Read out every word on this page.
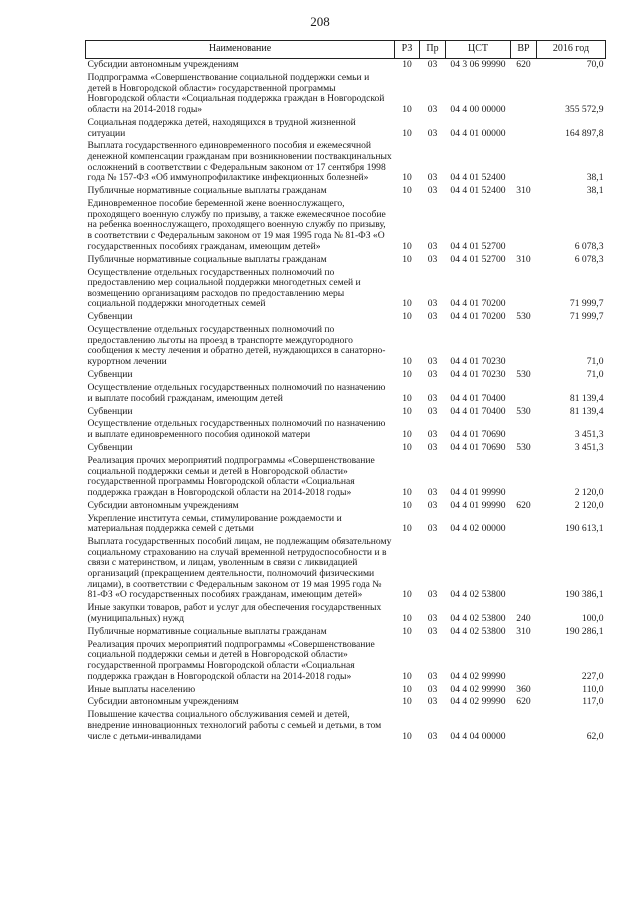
208
Наименование	РЗ	Пр	ЦСТ	ВР	2016 год
Субсидии автономным учреждениям	10	03	04 3 06 99990	620	70,0
Подпрограмма «Совершенствование социальной поддержки семьи и детей в Новгородской области» государственной программы Новгородской области «Социальная поддержка граждан в Новгородской области на 2014-2018 годы»	10	03	04 4 00 00000		355 572,9
Социальная поддержка детей, находящихся в трудной жизненной ситуации	10	03	04 4 01 00000		164 897,8
Выплата государственного единовременного пособия и ежемесячной денежной компенсации гражданам при возникновении поствакцинальных осложнений в соответствии с Федеральным законом от 17 сентября 1998 года № 157-ФЗ «Об иммунопрофилактике инфекционных болезней»	10	03	04 4 01 52400		38,1
Публичные нормативные социальные выплаты гражданам	10	03	04 4 01 52400	310	38,1
Единовременное пособие беременной жене военнослужащего, проходящего военную службу по призыву, а также ежемесячное пособие на ребенка военнослужащего, проходящего военную службу по призыву, в соответствии с Федеральным законом от 19 мая 1995 года № 81-ФЗ «О государственных пособиях гражданам, имеющим детей»	10	03	04 4 01 52700		6 078,3
Публичные нормативные социальные выплаты гражданам	10	03	04 4 01 52700	310	6 078,3
Осуществление отдельных государственных полномочий по предоставлению мер социальной поддержки многодетных семей и возмещению организациям расходов по предоставлению меры социальной поддержки многодетных семей	10	03	04 4 01 70200		71 999,7
Субвенции	10	03	04 4 01 70200	530	71 999,7
Осуществление отдельных государственных полномочий по предоставлению льготы на проезд в транспорте междугородного сообщения к месту лечения и обратно детей, нуждающихся в санаторно-курортном лечении	10	03	04 4 01 70230		71,0
Субвенции	10	03	04 4 01 70230	530	71,0
Осуществление отдельных государственных полномочий по назначению и выплате пособий гражданам, имеющим детей	10	03	04 4 01 70400		81 139,4
Субвенции	10	03	04 4 01 70400	530	81 139,4
Осуществление отдельных государственных полномочий по назначению и выплате единовременного пособия одинокой матери	10	03	04 4 01 70690		3 451,3
Субвенции	10	03	04 4 01 70690	530	3 451,3
Реализация прочих мероприятий подпрограммы «Совершенствование социальной поддержки семьи и детей в Новгородской области» государственной программы Новгородской области «Социальная поддержка граждан в Новгородской области на 2014-2018 годы»	10	03	04 4 01 99990		2 120,0
Субсидии автономным учреждениям	10	03	04 4 01 99990	620	2 120,0
Укрепление института семьи, стимулирование рождаемости и материальная поддержка семей с детьми	10	03	04 4 02 00000		190 613,1
Выплата государственных пособий лицам, не подлежащим обязательному социальному страхованию на случай временной нетрудоспособности и в связи с материнством, и лицам, уволенным в связи с ликвидацией организаций (прекращением деятельности, полномочий физическими лицами), в соответствии с Федеральным законом от 19 мая 1995 года № 81-ФЗ «О государственных пособиях гражданам, имеющим детей»	10	03	04 4 02 53800		190 386,1
Иные закупки товаров, работ и услуг для обеспечения государственных (муниципальных) нужд	10	03	04 4 02 53800	240	100,0
Публичные нормативные социальные выплаты гражданам	10	03	04 4 02 53800	310	190 286,1
Реализация прочих мероприятий подпрограммы «Совершенствование социальной поддержки семьи и детей в Новгородской области» государственной программы Новгородской области «Социальная поддержка граждан в Новгородской области на 2014-2018 годы»	10	03	04 4 02 99990		227,0
Иные выплаты населению	10	03	04 4 02 99990	360	110,0
Субсидии автономным учреждениям	10	03	04 4 02 99990	620	117,0
Повышение качества социального обслуживания семей и детей, внедрение инновационных технологий работы с семьей и детьми, в том числе с детьми-инвалидами	10	03	04 4 04 00000		62,0
